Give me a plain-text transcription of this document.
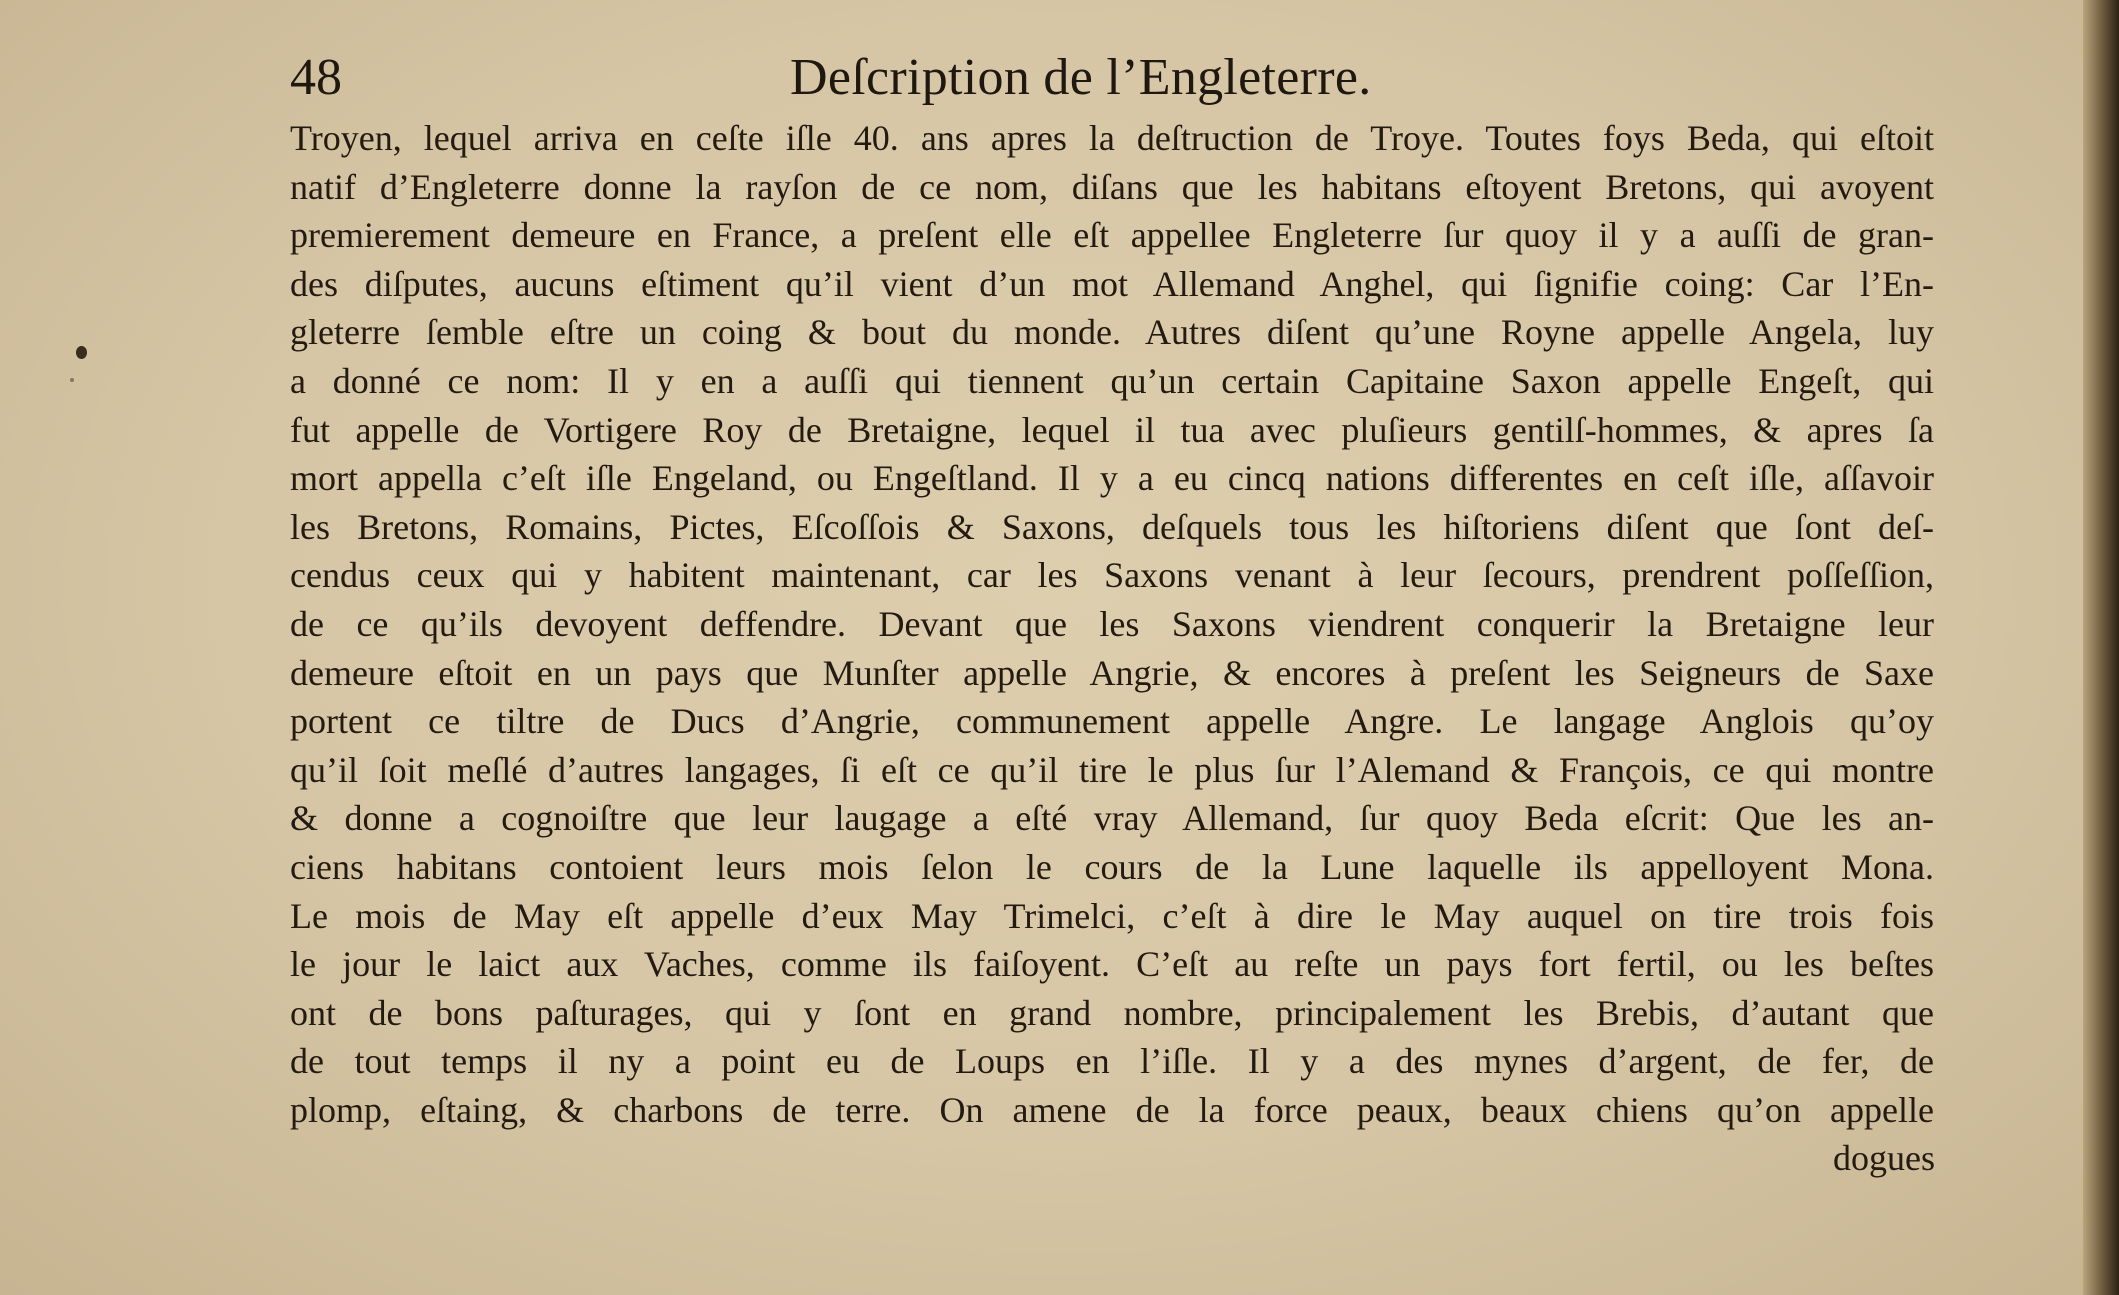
48	Deſcription de l’Engleterre.
Troyen, lequel arriva en ceſte iſle 40. ans apres la deſtruction de Troye. Toutes foys Beda, qui eſtoit
natif d’Engleterre donne la rayſon de ce nom, diſans que les habitans eſtoyent Bretons, qui avoyent
premierement demeure en France, a preſent elle eſt appellee Engleterre ſur quoy il y a auſſi de gran-
des diſputes, aucuns eſtiment qu’il vient d’un mot Allemand Anghel, qui ſignifie coing: Car l’En-
gleterre ſemble eſtre un coing & bout du monde. Autres diſent qu’une Royne appelle Angela, luy
a donné ce nom: Il y en a auſſi qui tiennent qu’un certain Capitaine Saxon appelle Engeſt, qui
fut appelle de Vortigere Roy de Bretaigne, lequel il tua avec pluſieurs gentilſ-hommes, & apres ſa
mort appella c’eſt iſle Engeland, ou Engeſtland. Il y a eu cincq nations differentes en ceſt iſle, aſſavoir
les Bretons, Romains, Pictes, Eſcoſſois & Saxons, deſquels tous les hiſtoriens diſent que ſont deſ-
cendus ceux qui y habitent maintenant, car les Saxons venant à leur ſecours, prendrent poſſeſſion,
de ce qu’ils devoyent deffendre. Devant que les Saxons viendrent conquerir la Bretaigne leur
demeure eſtoit en un pays que Munſter appelle Angrie, & encores à preſent les Seigneurs de Saxe
portent ce tiltre de Ducs d’Angrie, communement appelle Angre. Le langage Anglois qu’oy
qu’il ſoit meſlé d’autres langages, ſi eſt ce qu’il tire le plus ſur l’Alemand & François, ce qui montre
& donne a cognoiſtre que leur laugage a eſté vray Allemand, ſur quoy Beda eſcrit: Que les an-
ciens habitans contoient leurs mois ſelon le cours de la Lune laquelle ils appelloyent Mona.
Le mois de May eſt appelle d’eux May Trimelci, c’eſt à dire le May auquel on tire trois fois
le jour le laict aux Vaches, comme ils faiſoyent. C’eſt au reſte un pays fort fertil, ou les beſtes
ont de bons paſturages, qui y ſont en grand nombre, principalement les Brebis, d’autant que
de tout temps il ny a point eu de Loups en l’iſle. Il y a des mynes d’argent, de fer, de
plomp, eſtaing, & charbons de terre. On amene de la force peaux, beaux chiens qu’on appelle
dogues
